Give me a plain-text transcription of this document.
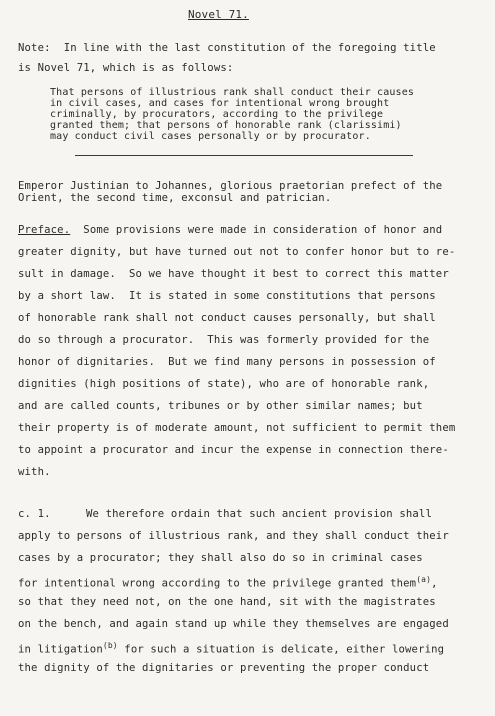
Novel 71.
Note:  In line with the last constitution of the foregoing title
is Novel 71, which is as follows:
That persons of illustrious rank shall conduct their causes
in civil cases, and cases for intentional wrong brought
criminally, by procurators, according to the privilege
granted them; that persons of honorable rank (clarissimi)
may conduct civil cases personally or by procurator.
Emperor Justinian to Johannes, glorious praetorian prefect of the
Orient, the second time, exconsul and patrician.
Preface.  Some provisions were made in consideration of honor and
greater dignity, but have turned out not to confer honor but to re-
sult in damage.  So we have thought it best to correct this matter
by a short law.  It is stated in some constitutions that persons
of honorable rank shall not conduct causes personally, but shall
do so through a procurator.  This was formerly provided for the
honor of dignitaries.  But we find many persons in possession of
dignities (high positions of state), who are of honorable rank,
and are called counts, tribunes or by other similar names; but
their property is of moderate amount, not sufficient to permit them
to appoint a procurator and incur the expense in connection there-
with.
c. 1.	We therefore ordain that such ancient provision shall
apply to persons of illustrious rank, and they shall conduct their
cases by a procurator; they shall also do so in criminal cases
for intentional wrong according to the privilege granted them$^{(a)}$,
so that they need not, on the one hand, sit with the magistrates
on the bench, and again stand up while they themselves are engaged
in litigation$^{(b)}$ for such a situation is delicate, either lowering
the dignity of the dignitaries or preventing the proper conduct
